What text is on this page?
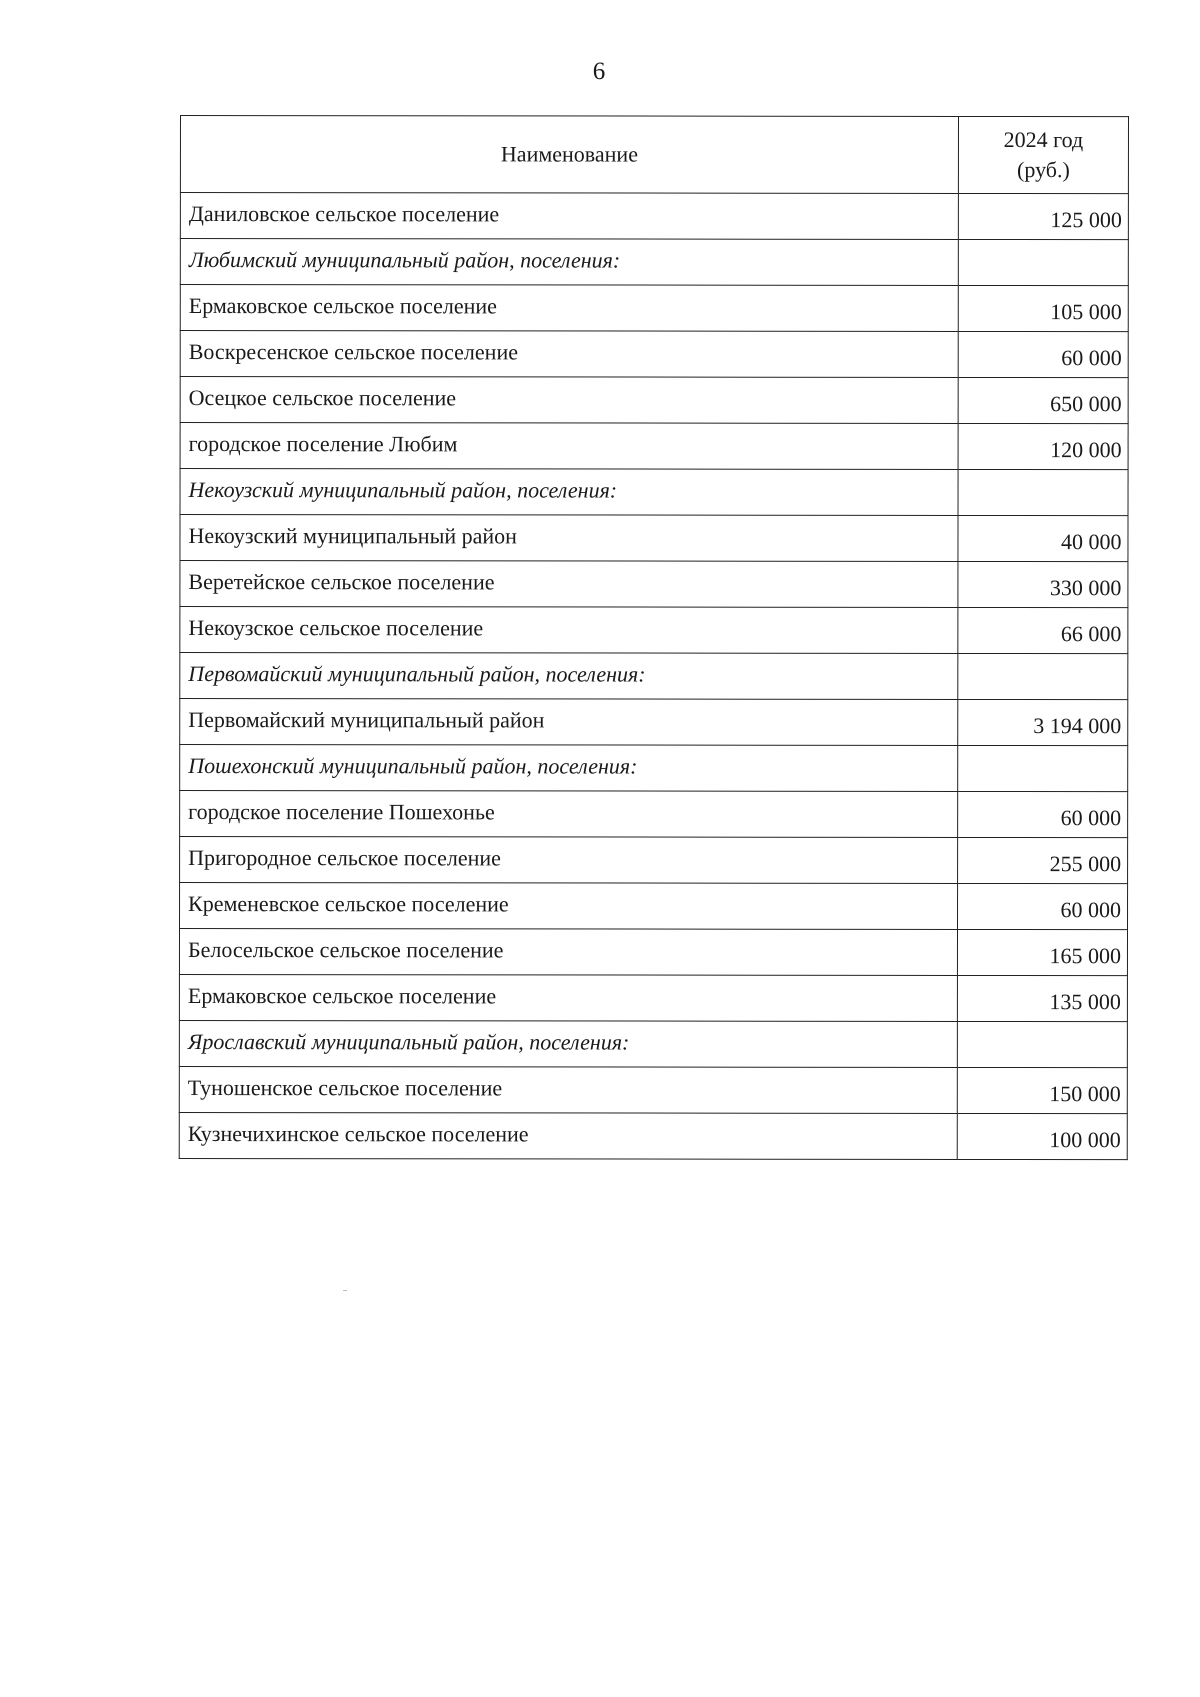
6
Наименование	2024 год
(руб.)
Даниловское сельское поселение	125 000
Любимский муниципальный район, поселения:	
Ермаковское сельское поселение	105 000
Воскресенское сельское поселение	60 000
Осецкое сельское поселение	650 000
городское поселение Любим	120 000
Некоузский муниципальный район, поселения:	
Некоузский муниципальный район	40 000
Веретейское сельское поселение	330 000
Некоузское сельское поселение	66 000
Первомайский муниципальный район, поселения:	
Первомайский муниципальный район	3 194 000
Пошехонский муниципальный район, поселения:	
городское поселение Пошехонье	60 000
Пригородное сельское поселение	255 000
Кременевское сельское поселение	60 000
Белосельское сельское поселение	165 000
Ермаковское сельское поселение	135 000
Ярославский муниципальный район, поселения:	
Туношенское сельское поселение	150 000
Кузнечихинское сельское поселение	100 000
